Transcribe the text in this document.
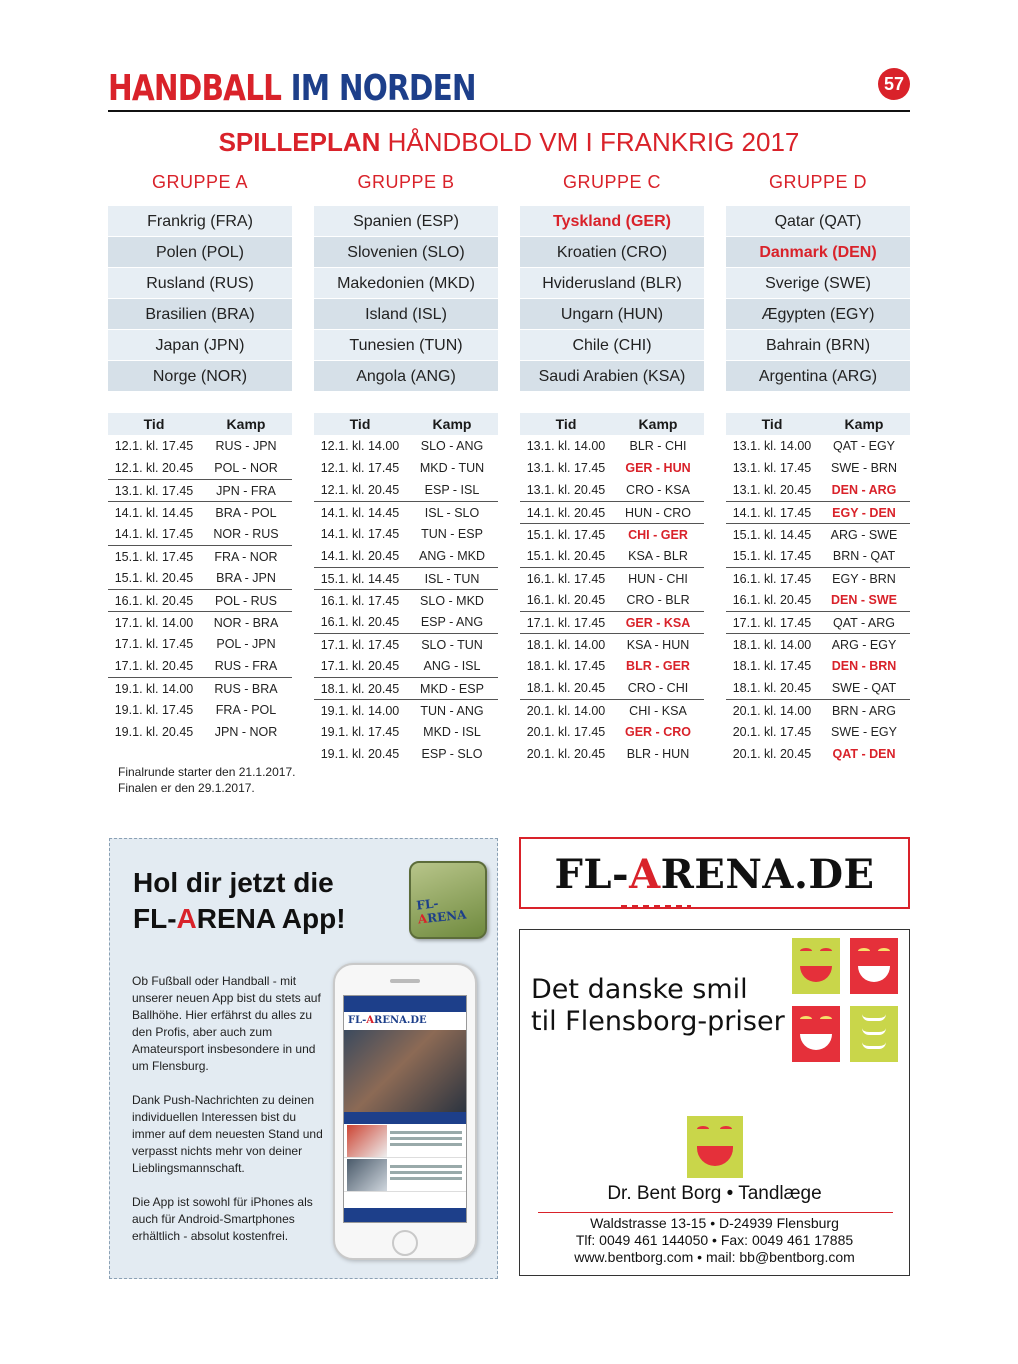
HANDBALL IM NORDEN	57
SPILLEPLAN HÅNDBOLD VM I FRANKRIG 2017
GRUPPE A
Frankrig (FRA)
Polen (POL)
Rusland (RUS)
Brasilien (BRA)
Japan (JPN)
Norge (NOR)
Tid	Kamp
12.1. kl. 17.45	RUS - JPN
12.1. kl. 20.45	POL - NOR
13.1. kl. 17.45	JPN - FRA
14.1. kl. 14.45	BRA - POL
14.1. kl. 17.45	NOR - RUS
15.1. kl. 17.45	FRA - NOR
15.1. kl. 20.45	BRA - JPN
16.1. kl. 20.45	POL - RUS
17.1. kl. 14.00	NOR - BRA
17.1. kl. 17.45	POL - JPN
17.1. kl. 20.45	RUS - FRA
19.1. kl. 14.00	RUS - BRA
19.1. kl. 17.45	FRA - POL
19.1. kl. 20.45	JPN - NOR
GRUPPE B
Spanien (ESP)
Slovenien (SLO)
Makedonien (MKD)
Island (ISL)
Tunesien (TUN)
Angola (ANG)
Tid	Kamp
12.1. kl. 14.00	SLO - ANG
12.1. kl. 17.45	MKD - TUN
12.1. kl. 20.45	ESP - ISL
14.1. kl. 14.45	ISL - SLO
14.1. kl. 17.45	TUN - ESP
14.1. kl. 20.45	ANG - MKD
15.1. kl. 14.45	ISL - TUN
16.1. kl. 17.45	SLO - MKD
16.1. kl. 20.45	ESP - ANG
17.1. kl. 17.45	SLO - TUN
17.1. kl. 20.45	ANG - ISL
18.1. kl. 20.45	MKD - ESP
19.1. kl. 14.00	TUN - ANG
19.1. kl. 17.45	MKD - ISL
19.1. kl. 20.45	ESP - SLO
GRUPPE C
Tyskland (GER)
Kroatien (CRO)
Hviderusland (BLR)
Ungarn (HUN)
Chile (CHI)
Saudi Arabien (KSA)
Tid	Kamp
13.1. kl. 14.00	BLR - CHI
13.1. kl. 17.45	GER - HUN
13.1. kl. 20.45	CRO - KSA
14.1. kl. 20.45	HUN - CRO
15.1. kl. 17.45	CHI - GER
15.1. kl. 20.45	KSA - BLR
16.1. kl. 17.45	HUN - CHI
16.1. kl. 20.45	CRO - BLR
17.1. kl. 17.45	GER - KSA
18.1. kl. 14.00	KSA - HUN
18.1. kl. 17.45	BLR - GER
18.1. kl. 20.45	CRO - CHI
20.1. kl. 14.00	CHI - KSA
20.1. kl. 17.45	GER - CRO
20.1. kl. 20.45	BLR - HUN
GRUPPE D
Qatar (QAT)
Danmark (DEN)
Sverige (SWE)
Ægypten (EGY)
Bahrain (BRN)
Argentina (ARG)
Tid	Kamp
13.1. kl. 14.00	QAT - EGY
13.1. kl. 17.45	SWE - BRN
13.1. kl. 20.45	DEN - ARG
14.1. kl. 17.45	EGY - DEN
15.1. kl. 14.45	ARG - SWE
15.1. kl. 17.45	BRN - QAT
16.1. kl. 17.45	EGY - BRN
16.1. kl. 20.45	DEN - SWE
17.1. kl. 17.45	QAT - ARG
18.1. kl. 14.00	ARG - EGY
18.1. kl. 17.45	DEN - BRN
18.1. kl. 20.45	SWE - QAT
20.1. kl. 14.00	BRN - ARG
20.1. kl. 17.45	SWE - EGY
20.1. kl. 20.45	QAT - DEN
Finalrunde starter den 21.1.2017.
Finalen er den 29.1.2017.
Hol dir jetzt die
FL-ARENA App!	FL-ARENA

Ob Fußball oder Handball - mit unserer neuen App bist du stets auf Ballhöhe. Hier erfährst du alles zu den Profis, aber auch zum Amateursport insbesondere in und um Flensburg.

Dank Push-Nachrichten zu deinen individuellen Interessen bist du immer auf dem neuesten Stand und verpasst nichts mehr von deiner Lieblingsmannschaft.

Die App ist sowohl für iPhones als auch für Android-Smartphones erhältlich - absolut kostenfrei.

FL-ARENA.DE
FL-ARENA.DE
Det danske smil
til Flensborg-priser
Dr. Bent Borg • Tandlæge
Waldstrasse 13-15 • D-24939 Flensburg
Tlf: 0049 461 144050 • Fax: 0049 461 17885
www.bentborg.com • mail: bb@bentborg.com
